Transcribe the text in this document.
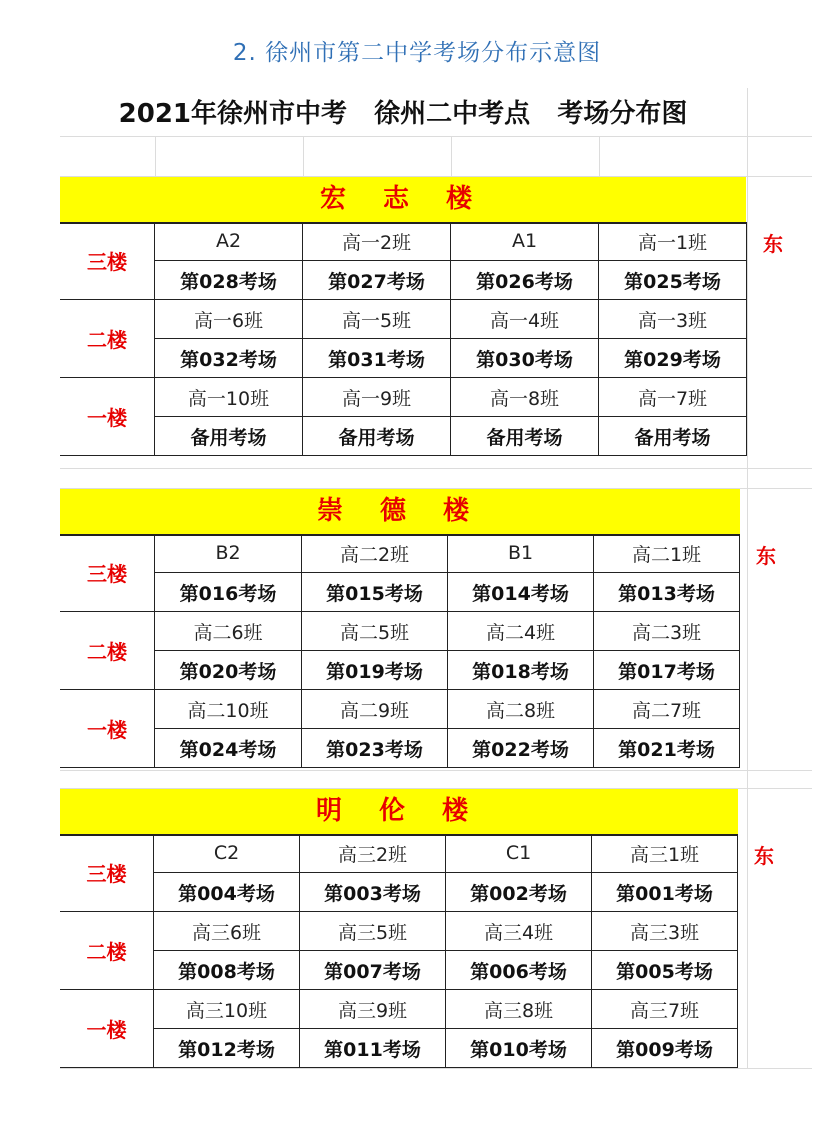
2. 徐州市第二中学考场分布示意图
2021年徐州市中考   徐州二中考点   考场分布图
宏 志 楼
三楼
A2
第028考场
高一2班
第027考场
A1
第026考场
高一1班
第025考场
二楼
高一6班
第032考场
高一5班
第031考场
高一4班
第030考场
高一3班
第029考场
一楼
高一10班
备用考场
高一9班
备用考场
高一8班
备用考场
高一7班
备用考场
东
崇 德 楼
三楼
B2
第016考场
高二2班
第015考场
B1
第014考场
高二1班
第013考场
二楼
高二6班
第020考场
高二5班
第019考场
高二4班
第018考场
高二3班
第017考场
一楼
高二10班
第024考场
高二9班
第023考场
高二8班
第022考场
高二7班
第021考场
东
明 伦 楼
三楼
C2
第004考场
高三2班
第003考场
C1
第002考场
高三1班
第001考场
二楼
高三6班
第008考场
高三5班
第007考场
高三4班
第006考场
高三3班
第005考场
一楼
高三10班
第012考场
高三9班
第011考场
高三8班
第010考场
高三7班
第009考场
东
